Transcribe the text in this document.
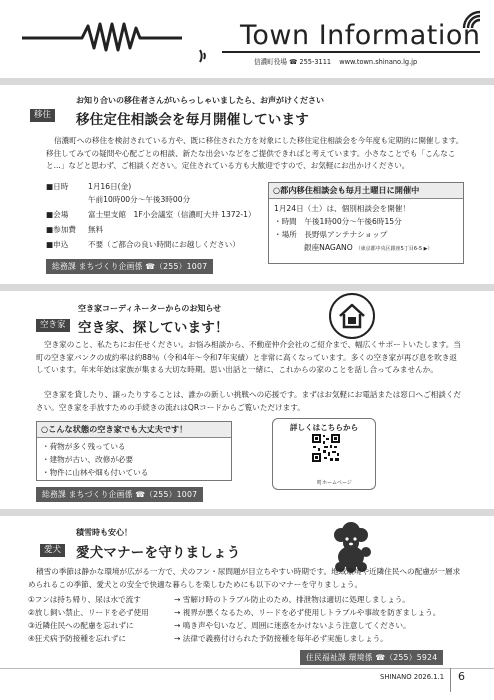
Town Information
信濃町役場 ☎ 255-3111 www.town.shinano.lg.jp
移住
お知り合いの移住者さんがいらっしゃいましたら、お声がけください
移住定住相談会を毎月開催しています
信濃町への移住を検討されている方や、既に移住された方を対象にした移住定住相談会を今年度も定期的に開催します。移住してみての疑問や心配ごとの相談、新たな出会いなどをご提供できればと考えています。小さなことでも「こんなこと...」などと思わず、ご相談ください。定住されている方も大歓迎ですので、お気軽にお出かけください。
■日時	1月16日(金)
午前10時00分〜午後3時00分
■会場	富士里支館　1F小会議室（信濃町大井 1372-1）
■参加費 無料
■申込	不要（ご都合の良い時間にお越しください）
○都内移住相談会も毎月土曜日に開催中
1月24日（土）は、個別相談会を開催！
・時間　午後1時00分〜午後6時15分
・場所　長野県アンテナショップ
銀座NAGANO （東京都中央区銀座5丁目6-5 ▶）
総務課 まちづくり企画係 ☎（255）1007
空き家
空き家コーディネーターからのお知らせ
空き家、探しています！
空き家のこと、私たちにお任せください。お悩み相談から、不動産仲介会社のご紹介まで、幅広くサポートいたします。当町の空き家バンクの成約率は約88％（令和4年〜令和7年実績）と非常に高くなっています。多くの空き家が再び息を吹き返しています。年末年始は家族が集まる大切な時期。思い出話と一緒に、これからの家のことを話し合ってみませんか。
空き家を貸したり、譲ったりすることは、誰かの新しい挑戦への応援です。まずはお気軽にお電話または窓口へご相談ください。空き家を手放すための手続きの流れはQRコードからご覧いただけます。
○こんな状態の空き家でも大丈夫です！
・荷物が多く残っている
・建物が古い、改修が必要
・物件に山林や畑も付いている
詳しくはこちらから
町ホームページ
総務課 まちづくり企画係 ☎（255）1007
愛犬
積雪時も安心！
愛犬マナーを守りましょう
積雪の季節は静かな環境が広がる一方で、犬のフン・尿問題が目立ちやすい時期です。地域環境や近隣住民への配慮が一層求められるこの季節、愛犬との安全で快適な暮らしを楽しむためにも以下のマナーを守りましょう。
①フンは持ち帰り、尿は水で流す	→ 雪解け時のトラブル防止のため、排泄物は適切に処理しましょう。
②放し飼い禁止、リードを必ず使用	→ 視界が悪くなるため、リードを必ず使用しトラブルや事故を防ぎましょう。
③近隣住民への配慮を忘れずに	→ 鳴き声や匂いなど、周囲に迷惑をかけないよう注意してください。
④狂犬病予防接種を忘れずに	→ 法律で義務付けられた予防接種を毎年必ず実施しましょう。
住民福祉課 環境係 ☎（255）5924
SHINANO 2026.1.1 6
